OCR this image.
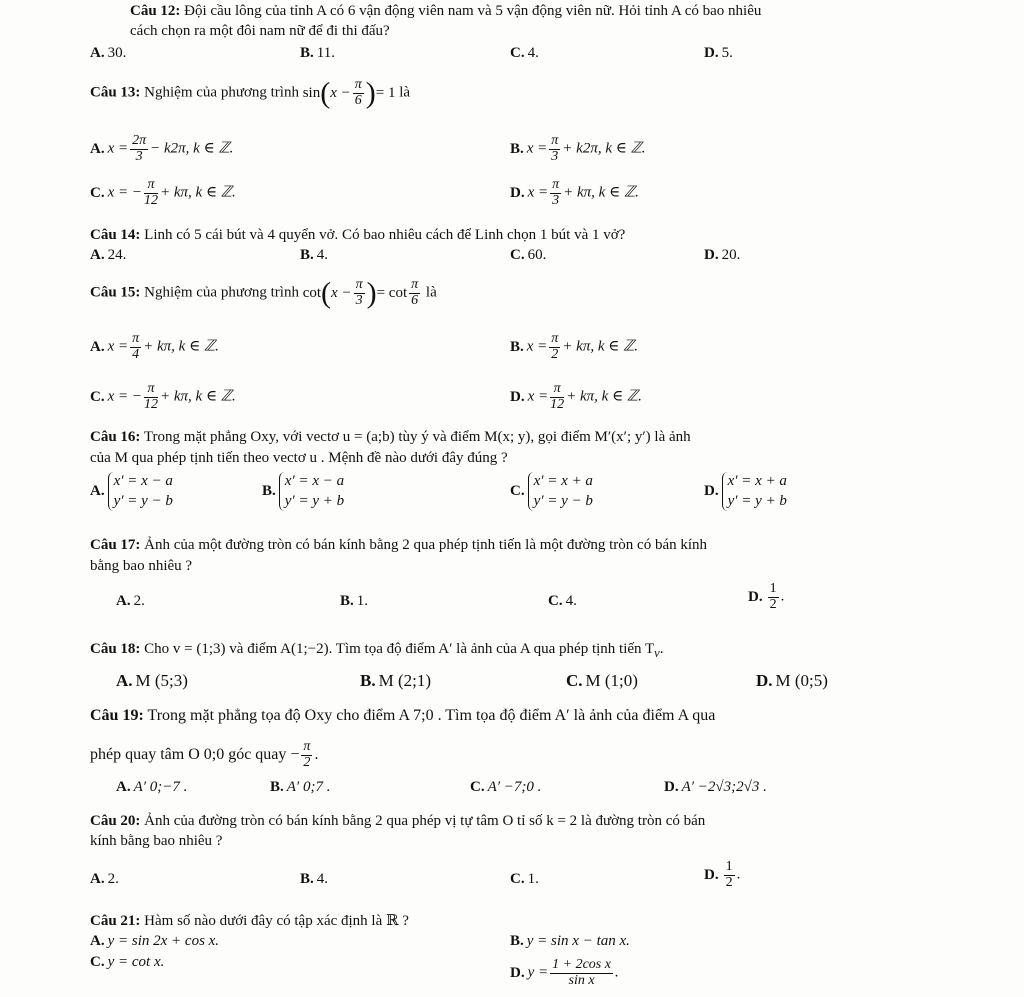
Câu 12: Đội cầu lông của tỉnh A có 6 vận động viên nam và 5 vận động viên nữ. Hỏi tỉnh A có bao nhiêu
cách chọn ra một đôi nam nữ để đi thi đấu?
A. 30.	B. 11.	C. 4.	D. 5.
Câu 13: Nghiệm của phương trình $\sin(x - \frac{\pi}{6}$ )= 1 là
A. $x = \frac{2\pi}{3} - k2\pi$, k ∈ ℤ.	B. $x = \frac{\pi}{3} + k2\pi$, k ∈ ℤ.
C. x = − $\frac{\pi}{12} + k\pi$, k ∈ ℤ.	D. $x = \frac{\pi}{3} + k\pi$, k ∈ ℤ.
Câu 14: Linh có 5 cái bút và 4 quyển vở. Có bao nhiêu cách để Linh chọn 1 bút và 1 vở?
A. 24.	B. 4.	C. 60.	D. 20.
Câu 15: Nghiệm của phương trình $\cot(x - \frac{\pi}{3}$ )= $\cot \frac{\pi}{6}$ là
A. $x = \frac{\pi}{4} + k\pi$, k ∈ ℤ.	B. $x = \frac{\pi}{2} + k\pi$, k ∈ ℤ.
C. x = − $\frac{\pi}{12} + k\pi$, k ∈ ℤ.	D. $x = \frac{\pi}{12} + k\pi$, k ∈ ℤ.
Câu 16: Trong mặt phẳng Oxy, với vectơ u = (a;b) tùy ý và điểm M(x; y), gọi điểm M′(x′; y′) là ảnh
của M qua phép tịnh tiến theo vectơ u . Mệnh đề nào dưới đây đúng ?
A.
x′ = x − a
y′ = y − b
B.
x′ = x − a
y′ = y + b
C.
x′ = x + a
y′ = y − b
D.
x′ = x + a
y′ = y + b
Câu 17: Ảnh của một đường tròn có bán kính bằng 2 qua phép tịnh tiến là một đường tròn có bán kính
bằng bao nhiêu ?
A. 2.	B. 1.	C. 4.	D. $\frac{1}{2}$ .
Câu 18: Cho v = (1;3) và điểm A(1;−2). Tìm tọa độ điểm A′ là ảnh của A qua phép tịnh tiến $T_v$.
A. M (5;3)	B. M (2;1)	C. M (1;0)	D. M (0;5)
Câu 19: Trong mặt phẳng tọa độ Oxy cho điểm A 7;0 . Tìm tọa độ điểm A′ là ảnh của điểm A qua
phép quay tâm O 0;0 góc quay − $\frac{\pi}{2}$ .
A. A′ 0;−7 .	B. A′ 0;7 .	C. A′ −7;0 .	D. A′ −2√3;2√3 .
Câu 20: Ảnh của đường tròn có bán kính bằng 2 qua phép vị tự tâm O tỉ số k = 2 là đường tròn có bán
kính bằng bao nhiêu ?
A. 2.	B. 4.	C. 1.	D. $\frac{1}{2}$ .
Câu 21: Hàm số nào dưới đây có tập xác định là ℝ ?
A. y = sin 2x + cos x.	B. y = sin x − tan x.
C. y = cot x.
D. $y = \frac{\text{1 + 2cos x}}{\text{sin x}}$ .
